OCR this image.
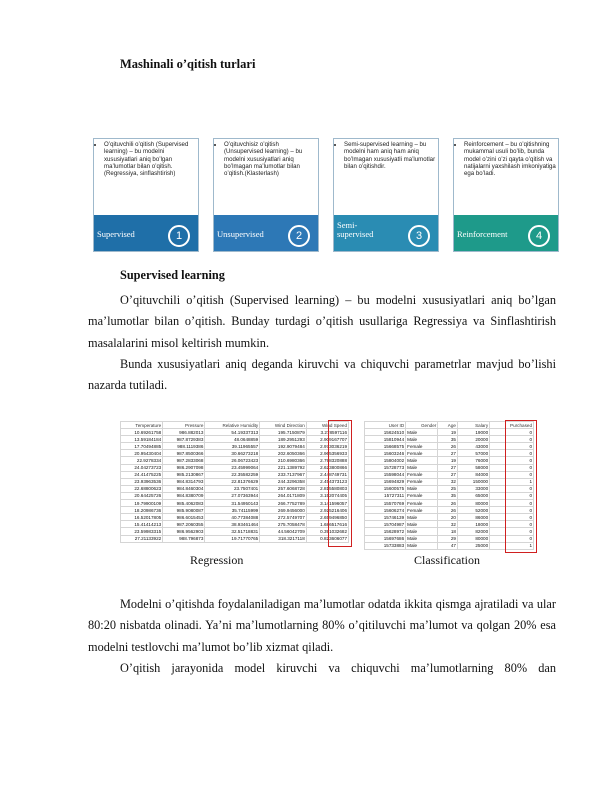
Mashinali o’qitish turlari
• O’qituvchili o’qitish (Supervised learning) – bu modelni xususiyatlari aniq bo’lgan ma’lumotlar bilan o’qitish. (Regressiya, sinflashtirish)
Supervised	1
• O’qituvchisiz o’qitish (Unsupervised learning) – bu modelni xususiyatlari aniq bo’lmagan ma’lumotlar bilan o’qitish.(Klasterlash)
Unsupervised	2
• Semi-supervised learning – bu modelni ham aniq ham aniq bo’lmagan xususiyatli ma’lumotlar bilan o’qitishdir.
Semi-
supervised	3
• Reinforcement – bu o’qitishning mukammal usuli bo’lib, bunda model o’zini o’zi qayta o’qitish va natijalarni yaxshilash imkoniyatiga ega bo’ladi.
Reinforcement	4
Supervised learning
O’qituvchili o’qitish (Supervised learning) – bu modelni xususiyatlari aniq bo’lgan ma’lumotlar bilan o’qitish. Bunday turdagi o’qitish usullariga Regressiya va Sinflashtirish masalalarini misol keltirish mumkin.
Bunda xususiyatlari aniq deganda kiruvchi va chiquvchi parametrlar mavjud bo’lishi nazarda tutiladi.
Temperature	Pressure	Relative Humidity	Wind Direction	Wind Speed
10.69261758	986.882013	54.19337313	195.7150879	3.278597116
13.59184184	987.8729383	48.0648859	189.2951293	2.909167707
17.70494885	988.1119386	39.11965557	192.9079484	2.973036219
20.95430404	987.8500366	30.66273218	202.6050366	2.965356933
22.9278334	987.2833068	26.06723423	210.6980366	2.798320888
24.04273723	986.2907098	23.45999064	221.1389792	2.623800866
24.41475225	985.2130867	22.35582259	233.7137967	2.448749731
23.93963536	984.8314793	22.81376629	244.3296358	2.454373123
22.68800623	984.8460304	23.7507401	257.6068728	2.815580803
20.64425726	984.8380709	27.07363944	264.0171809	3.152074405
19.79900109	985.4062083	31.54950143	266.7752789	3.141596057
18.20986736	985.9080087	35.74115999	269.9456000	2.925216406
16.52017805	986.6015453	40.77384088	272.5749707	2.659496850
15.41414213	987.2060355	38.93461464	275.7058478	1.686517616
23.59983315	986.9562903	32.51718831	44.56042709	0.391032682
27.21133922	988.796873	19.71770765	318.3217118	0.823606077
Regression
User ID	Gender	Age	Salary	Purchased
15624510	Male	19	19000	0
15810944	Male	35	20000	0
15668575	Female	26	43000	0
15603246	Female	27	57000	0
15804002	Male	19	76000	0
15728773	Male	27	58000	0
15598044	Female	27	84000	0
15694829	Female	32	150000	1
15600575	Male	25	33000	0
15727311	Female	35	65000	0
15570769	Female	26	80000	0
15606274	Female	26	52000	0
15746139	Male	20	86000	0
15704987	Male	32	18000	0
15628972	Male	18	82000	0
15697686	Male	29	80000	0
15733883	Male	47	25000	1
Classification
Modelni o’qitishda foydalaniladigan ma’lumotlar odatda ikkita qismga ajratiladi va ular 80:20 nisbatda olinadi. Ya’ni ma’lumotlarning 80% o’qitiluvchi ma’lumot va qolgan 20% esa modelni testlovchi ma’lumot bo’lib xizmat qiladi.
O’qitish jarayonida model kiruvchi va chiquvchi ma’lumotlarning 80% dan
